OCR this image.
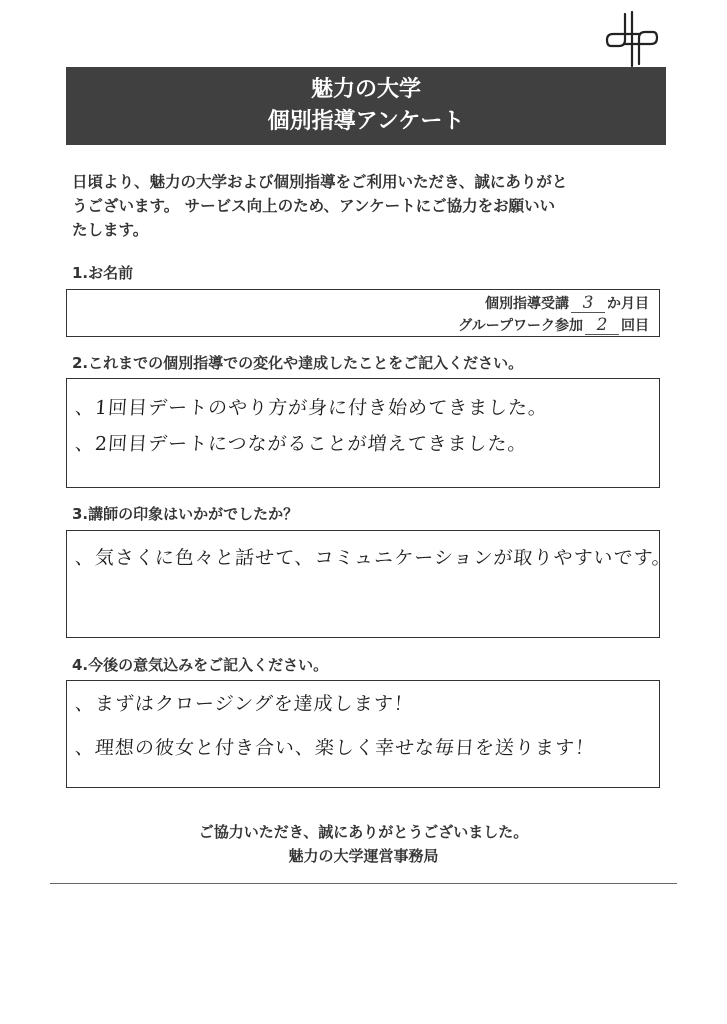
魅力の大学
個別指導アンケート
日頃より、魅力の大学および個別指導をご利用いただき、誠にありがと
うございます。 サービス向上のため、アンケートにご協力をお願いい
たします。
1.お名前
個別指導受講 3 か月目
グループワーク参加 2 回目
2.これまでの個別指導での変化や達成したことをご記入ください。
、1回目デートのやり方が身に付き始めてきました。
、2回目デートにつながることが増えてきました。
3.講師の印象はいかがでしたか？
、気さくに色々と話せて、コミュニケーションが取りやすいです。
4.今後の意気込みをご記入ください。
、まずはクロージングを達成します！
、理想の彼女と付き合い、楽しく幸せな毎日を送ります！
ご協力いただき、誠にありがとうございました。
魅力の大学運営事務局
